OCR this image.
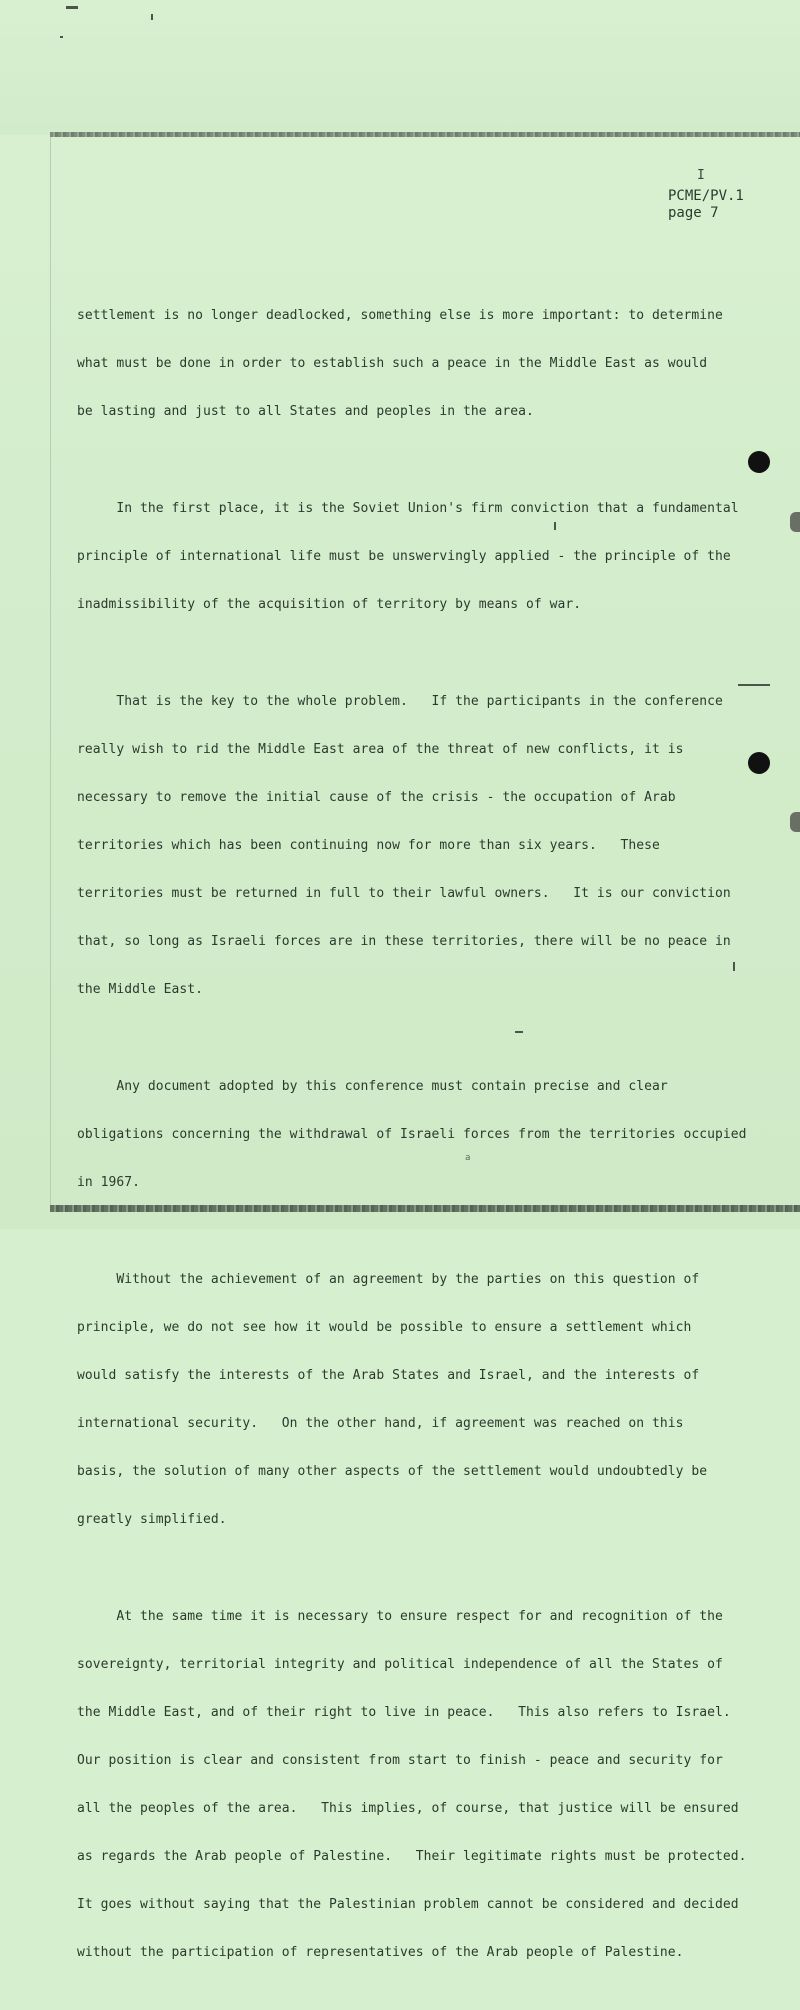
I
PCME/PV.1
page 7

settlement is no longer deadlocked, something else is more important: to determine

what must be done in order to establish such a peace in the Middle East as would

be lasting and just to all States and peoples in the area.

In the first place, it is the Soviet Union's firm conviction that a fundamental

principle of international life must be unswervingly applied - the principle of the

inadmissibility of the acquisition of territory by means of war.

That is the key to the whole problem.   If the participants in the conference

really wish to rid the Middle East area of the threat of new conflicts, it is

necessary to remove the initial cause of the crisis - the occupation of Arab

territories which has been continuing now for more than six years.   These

territories must be returned in full to their lawful owners.   It is our conviction

that, so long as Israeli forces are in these territories, there will be no peace in

the Middle East.

Any document adopted by this conference must contain precise and clear

obligations concerning the withdrawal of Israeli forces from the territories occupied

in 1967.

Without the achievement of an agreement by the parties on this question of

principle, we do not see how it would be possible to ensure a settlement which

would satisfy the interests of the Arab States and Israel, and the interests of

international security.   On the other hand, if agreement was reached on this

basis, the solution of many other aspects of the settlement would undoubtedly be

greatly simplified.

At the same time it is necessary to ensure respect for and recognition of the

sovereignty, territorial integrity and political independence of all the States of

the Middle East, and of their right to live in peace.   This also refers to Israel.

Our position is clear and consistent from start to finish - peace and security for

all the peoples of the area.   This implies, of course, that justice will be ensured

as regards the Arab people of Palestine.   Their legitimate rights must be protected.

It goes without saying that the Palestinian problem cannot be considered and decided

without the participation of representatives of the Arab people of Palestine.

a
